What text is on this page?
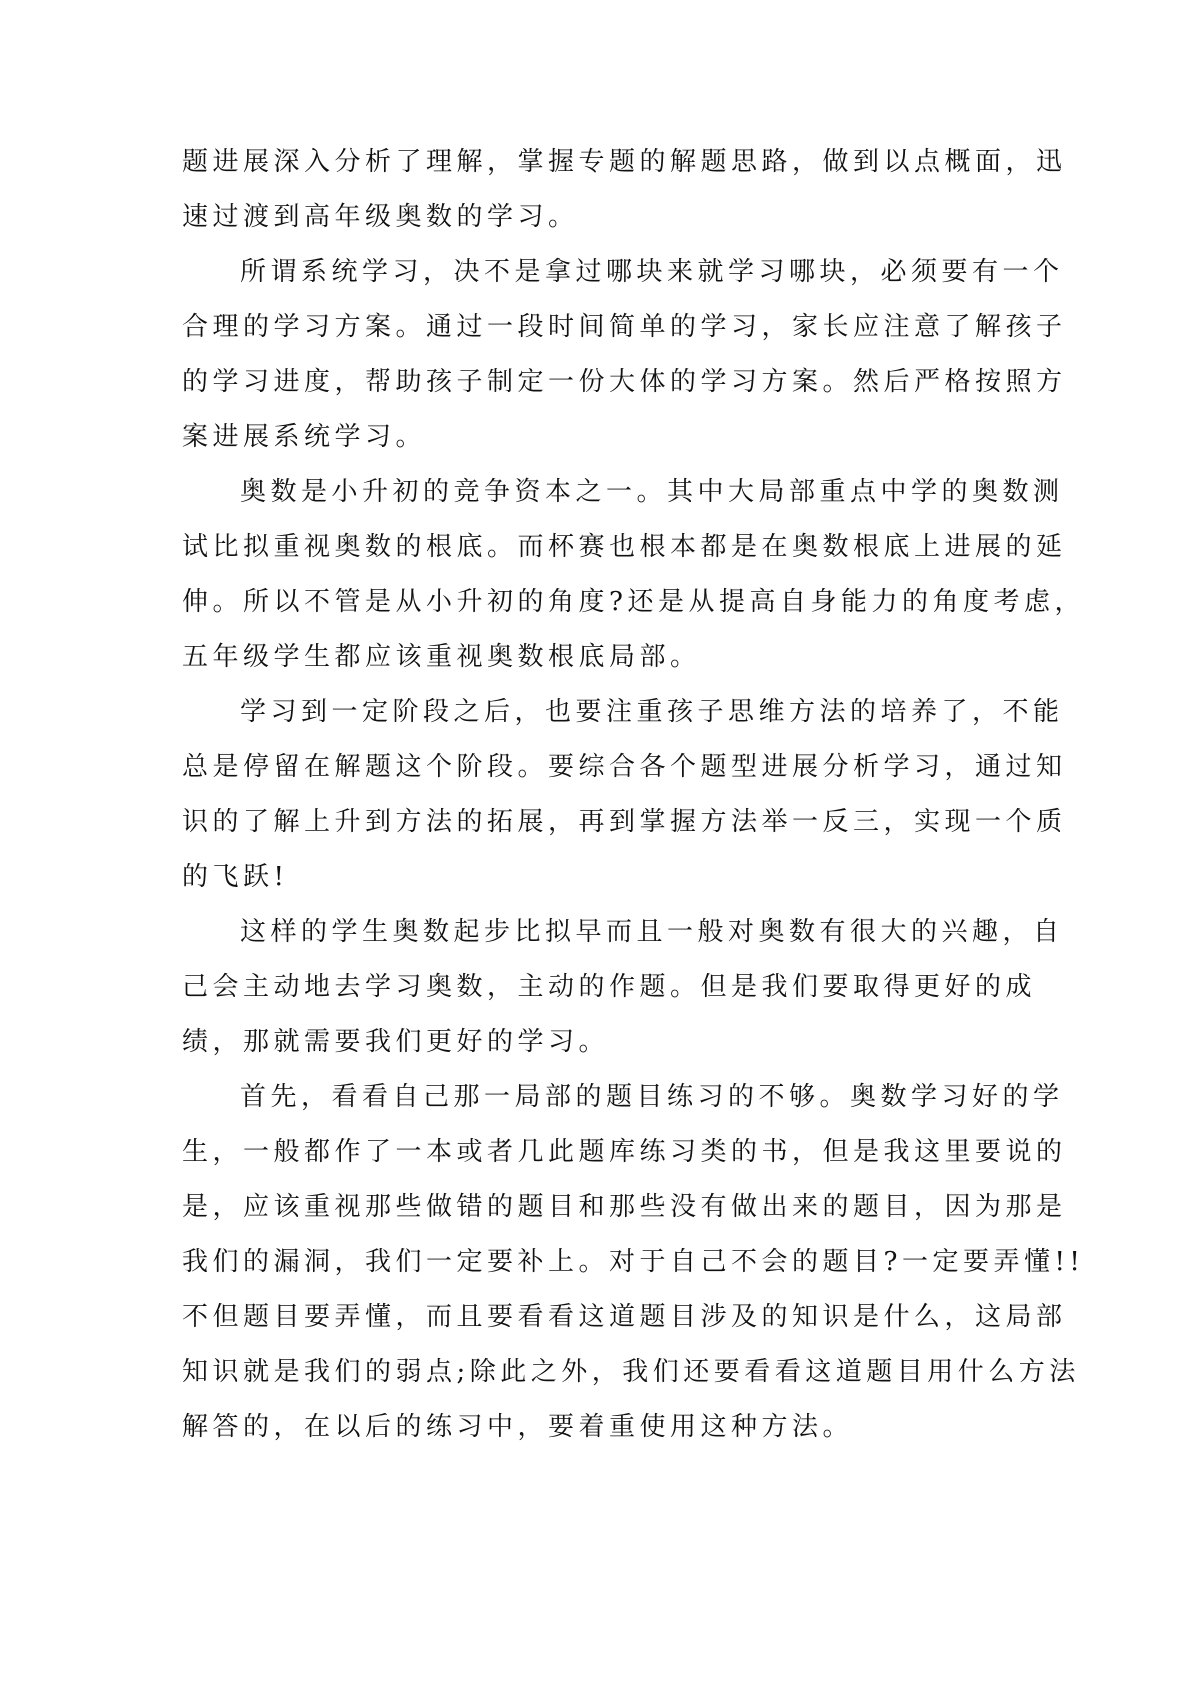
题进展深入分析了理解，掌握专题的解题思路，做到以点概面，迅
速过渡到高年级奥数的学习。

所谓系统学习，决不是拿过哪块来就学习哪块，必须要有一个
合理的学习方案。通过一段时间简单的学习，家长应注意了解孩子
的学习进度，帮助孩子制定一份大体的学习方案。然后严格按照方
案进展系统学习。

奥数是小升初的竞争资本之一。其中大局部重点中学的奥数测
试比拟重视奥数的根底。而杯赛也根本都是在奥数根底上进展的延
伸。所以不管是从小升初的角度?还是从提高自身能力的角度考虑，
五年级学生都应该重视奥数根底局部。

学习到一定阶段之后，也要注重孩子思维方法的培养了，不能
总是停留在解题这个阶段。要综合各个题型进展分析学习，通过知
识的了解上升到方法的拓展，再到掌握方法举一反三，实现一个质
的飞跃!

这样的学生奥数起步比拟早而且一般对奥数有很大的兴趣，自
己会主动地去学习奥数，主动的作题。但是我们要取得更好的成
绩，那就需要我们更好的学习。

首先，看看自己那一局部的题目练习的不够。奥数学习好的学
生，一般都作了一本或者几此题库练习类的书，但是我这里要说的
是，应该重视那些做错的题目和那些没有做出来的题目，因为那是
我们的漏洞，我们一定要补上。对于自己不会的题目?一定要弄懂!!
不但题目要弄懂，而且要看看这道题目涉及的知识是什么，这局部
知识就是我们的弱点;除此之外，我们还要看看这道题目用什么方法
解答的，在以后的练习中，要着重使用这种方法。
